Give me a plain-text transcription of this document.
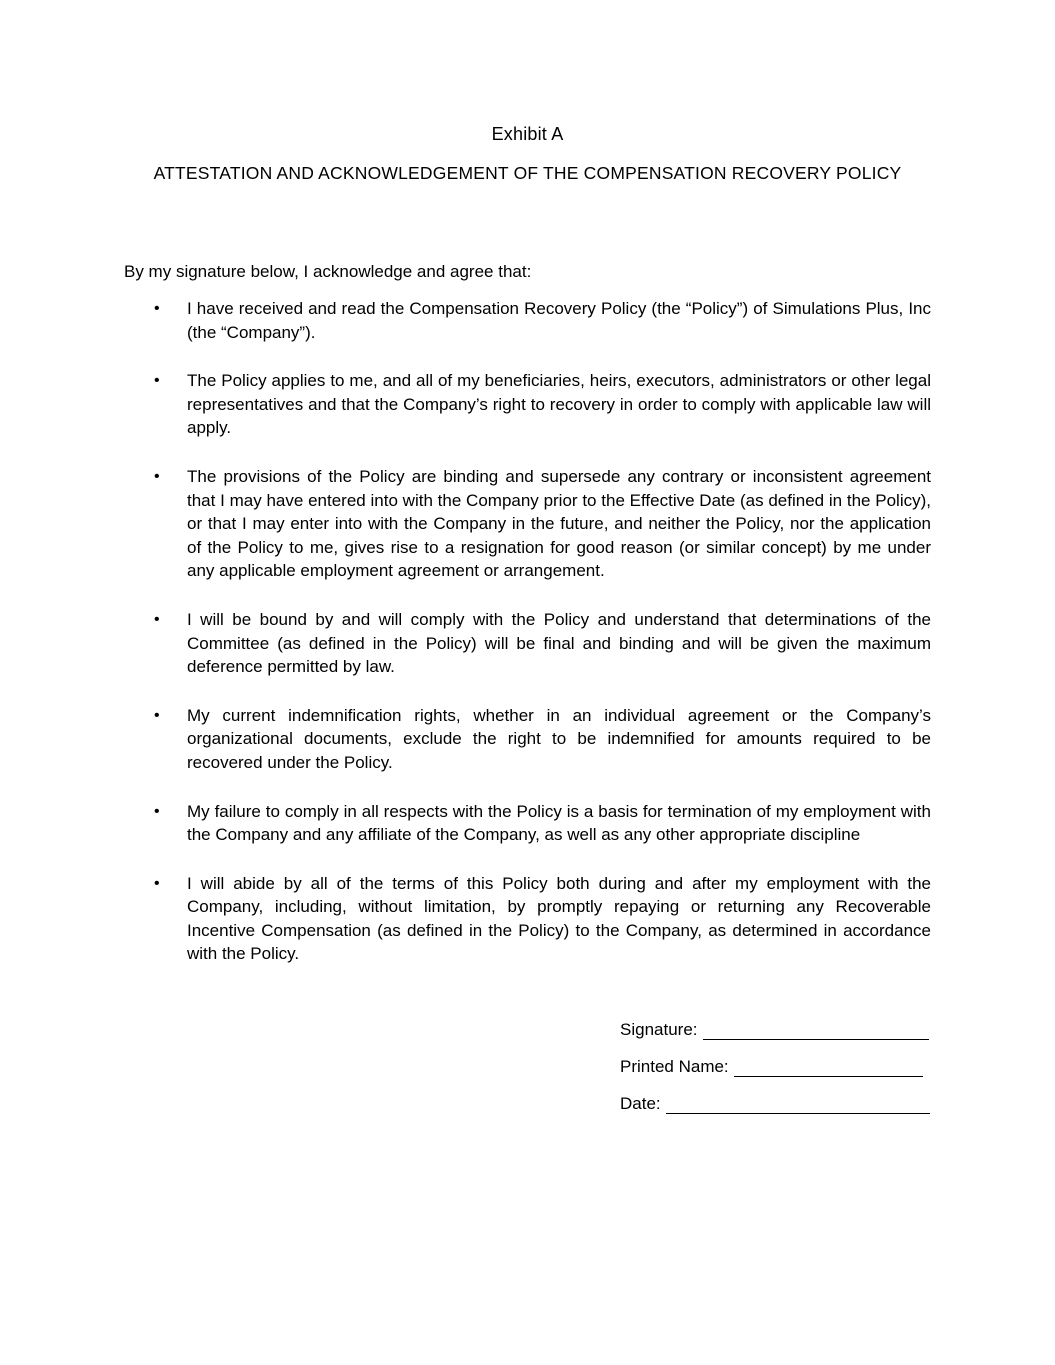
Exhibit A
ATTESTATION AND ACKNOWLEDGEMENT OF THE COMPENSATION RECOVERY POLICY
By my signature below, I acknowledge and agree that:
•	I have received and read the Compensation Recovery Policy (the “Policy”) of Simulations Plus, Inc (the “Company”).
•	The Policy applies to me, and all of my beneficiaries, heirs, executors, administrators or other legal representatives and that the Company’s right to recovery in order to comply with applicable law will apply.
•	The provisions of the Policy are binding and supersede any contrary or inconsistent agreement that I may have entered into with the Company prior to the Effective Date (as defined in the Policy), or that I may enter into with the Company in the future, and neither the Policy, nor the application of the Policy to me, gives rise to a resignation for good reason (or similar concept) by me under any applicable employment agreement or arrangement.
•	I will be bound by and will comply with the Policy and understand that determinations of the Committee (as defined in the Policy) will be final and binding and will be given the maximum deference permitted by law.
•	My current indemnification rights, whether in an individual agreement or the Company’s organizational documents, exclude the right to be indemnified for amounts required to be recovered under the Policy.
•	My failure to comply in all respects with the Policy is a basis for termination of my employment with the Company and any affiliate of the Company, as well as any other appropriate discipline
•	I will abide by all of the terms of this Policy both during and after my employment with the Company, including, without limitation, by promptly repaying or returning any Recoverable Incentive Compensation (as defined in the Policy) to the Company, as determined in accordance with the Policy.
Signature:
Printed Name:
Date:
